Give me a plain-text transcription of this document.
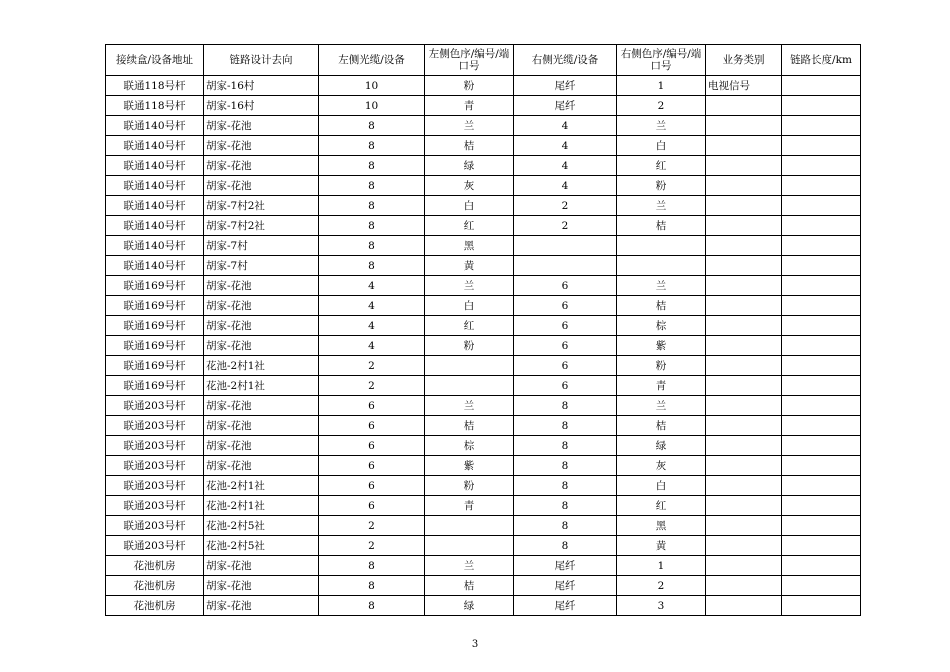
接续盒/设备地址	链路设计去向	左侧光缆/设备	左侧色序/编号/端口号	右侧光缆/设备	右侧色序/编号/端口号	业务类别	链路长度/km
联通118号杆	胡家-16村	10	粉	尾纤	1	电视信号	
联通118号杆	胡家-16村	10	青	尾纤	2		
联通140号杆	胡家-花池	8	兰	4	兰		
联通140号杆	胡家-花池	8	桔	4	白		
联通140号杆	胡家-花池	8	绿	4	红		
联通140号杆	胡家-花池	8	灰	4	粉		
联通140号杆	胡家-7村2社	8	白	2	兰		
联通140号杆	胡家-7村2社	8	红	2	桔		
联通140号杆	胡家-7村	8	黑				
联通140号杆	胡家-7村	8	黄				
联通169号杆	胡家-花池	4	兰	6	兰		
联通169号杆	胡家-花池	4	白	6	桔		
联通169号杆	胡家-花池	4	红	6	棕		
联通169号杆	胡家-花池	4	粉	6	紫		
联通169号杆	花池-2村1社	2		6	粉		
联通169号杆	花池-2村1社	2		6	青		
联通203号杆	胡家-花池	6	兰	8	兰		
联通203号杆	胡家-花池	6	桔	8	桔		
联通203号杆	胡家-花池	6	棕	8	绿		
联通203号杆	胡家-花池	6	紫	8	灰		
联通203号杆	花池-2村1社	6	粉	8	白		
联通203号杆	花池-2村1社	6	青	8	红		
联通203号杆	花池-2村5社	2		8	黑		
联通203号杆	花池-2村5社	2		8	黄		
花池机房	胡家-花池	8	兰	尾纤	1		
花池机房	胡家-花池	8	桔	尾纤	2		
花池机房	胡家-花池	8	绿	尾纤	3		
3
